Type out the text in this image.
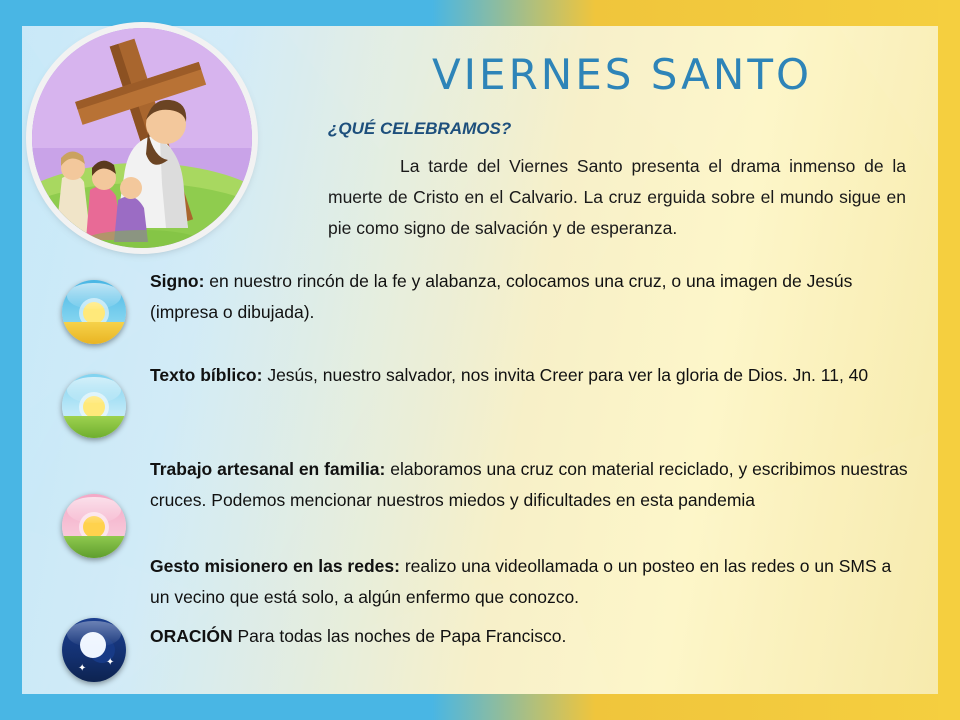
VIERNES SANTO
¿QUÉ CELEBRAMOS?
La tarde del Viernes Santo presenta el drama inmenso de la muerte de Cristo en el Calvario. La cruz erguida sobre el mundo sigue en pie como signo de salvación y de esperanza.
Signo: en nuestro rincón de la fe y alabanza, colocamos una cruz, o una imagen de Jesús (impresa o dibujada).
Texto bíblico: Jesús, nuestro salvador, nos invita Creer para ver la gloria de Dios. Jn. 11, 40
Trabajo artesanal en familia: elaboramos una cruz con material reciclado, y escribimos nuestras cruces. Podemos mencionar nuestros miedos y dificultades en esta pandemia
Gesto misionero en las redes: realizo una videollamada o un posteo en las redes o un SMS a un vecino que está solo, a algún enfermo que conozco.
✦
✦
ORACIÓN Para todas las noches de Papa Francisco.
